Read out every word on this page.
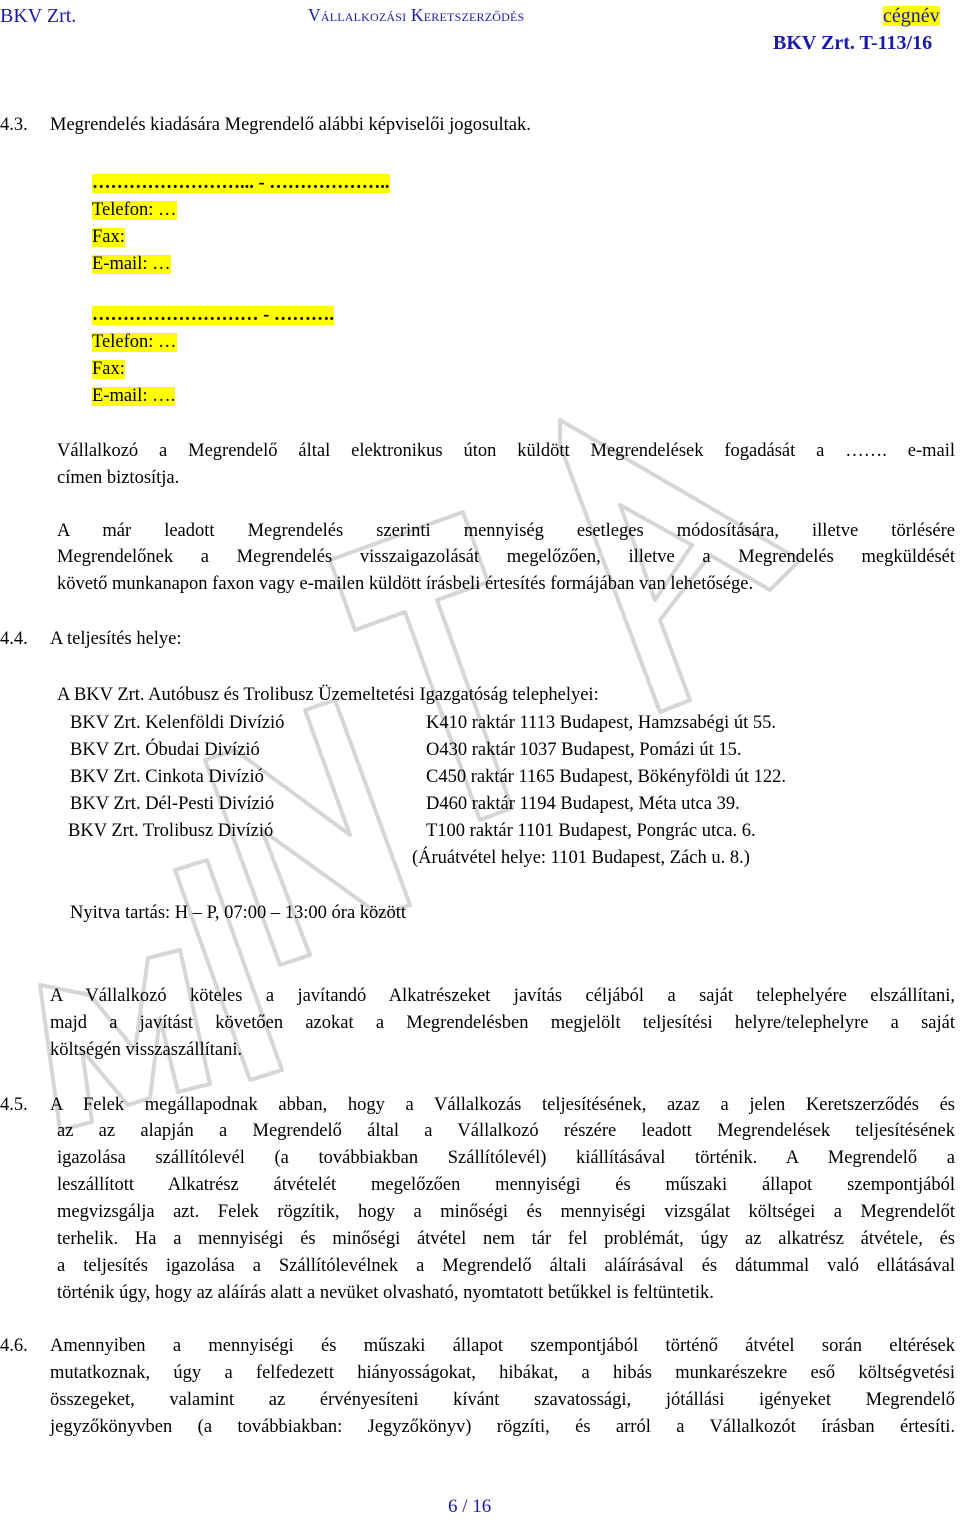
BKV Zrt.	Vállalkozási Keretszerződés	cégnév
BKV Zrt. T-113/16
4.3. Megrendelés kiadására Megrendelő alábbi képviselői jogosultak.
……………………... - ………………..
Telefon: …
Fax:
E-mail: …
……………………… - ……….
Telefon: …
Fax:
E-mail: ….
Vállalkozó a Megrendelő által elektronikus úton küldött Megrendelések fogadását a ……. e-mail
címen biztosítja.
A már leadott Megrendelés szerinti mennyiség esetleges módosítására, illetve törlésére
Megrendelőnek a Megrendelés visszaigazolását megelőzően, illetve a Megrendelés megküldését
követő munkanapon faxon vagy e-mailen küldött írásbeli értesítés formájában van lehetősége.
4.4. A teljesítés helye:
A BKV Zrt. Autóbusz és Trolibusz Üzemeltetési Igazgatóság telephelyei:
BKV Zrt. Kelenföldi Divízió	K410 raktár 1113 Budapest, Hamzsabégi út 55.
BKV Zrt. Óbudai Divízió	O430 raktár 1037 Budapest, Pomázi út 15.
BKV Zrt. Cinkota Divízió	C450 raktár 1165 Budapest, Bökényföldi út 122.
BKV Zrt. Dél-Pesti Divízió	D460 raktár 1194 Budapest, Méta utca 39.
BKV Zrt. Trolibusz Divízió	T100 raktár 1101 Budapest, Pongrác utca. 6.
(Áruátvétel helye: 1101 Budapest, Zách u. 8.)
Nyitva tartás: H – P, 07:00 – 13:00 óra között
A Vállalkozó köteles a javítandó Alkatrészeket javítás céljából a saját telephelyére elszállítani,
majd a javítást követően azokat a Megrendelésben megjelölt teljesítési helyre/telephelyre a saját
költségén visszaszállítani.
4.5. A Felek megállapodnak abban, hogy a Vállalkozás teljesítésének, azaz a jelen Keretszerződés és
az az alapján a Megrendelő által a Vállalkozó részére leadott Megrendelések teljesítésének
igazolása szállítólevél (a továbbiakban Szállítólevél) kiállításával történik. A Megrendelő a
leszállított Alkatrész átvételét megelőzően mennyiségi és műszaki állapot szempontjából
megvizsgálja azt. Felek rögzítik, hogy a minőségi és mennyiségi vizsgálat költségei a Megrendelőt
terhelik. Ha a mennyiségi és minőségi átvétel nem tár fel problémát, úgy az alkatrész átvétele, és
a teljesítés igazolása a Szállítólevélnek a Megrendelő általi aláírásával és dátummal való ellátásával
történik úgy, hogy az aláírás alatt a nevüket olvasható, nyomtatott betűkkel is feltüntetik.
4.6. Amennyiben a mennyiségi és műszaki állapot szempontjából történő átvétel során eltérések
mutatkoznak, úgy a felfedezett hiányosságokat, hibákat, a hibás munkarészekre eső költségvetési
összegeket, valamint az érvényesíteni kívánt szavatossági, jótállási igényeket Megrendelő
jegyzőkönyvben (a továbbiakban: Jegyzőkönyv) rögzíti, és arról a Vállalkozót írásban értesíti.
6 / 16
